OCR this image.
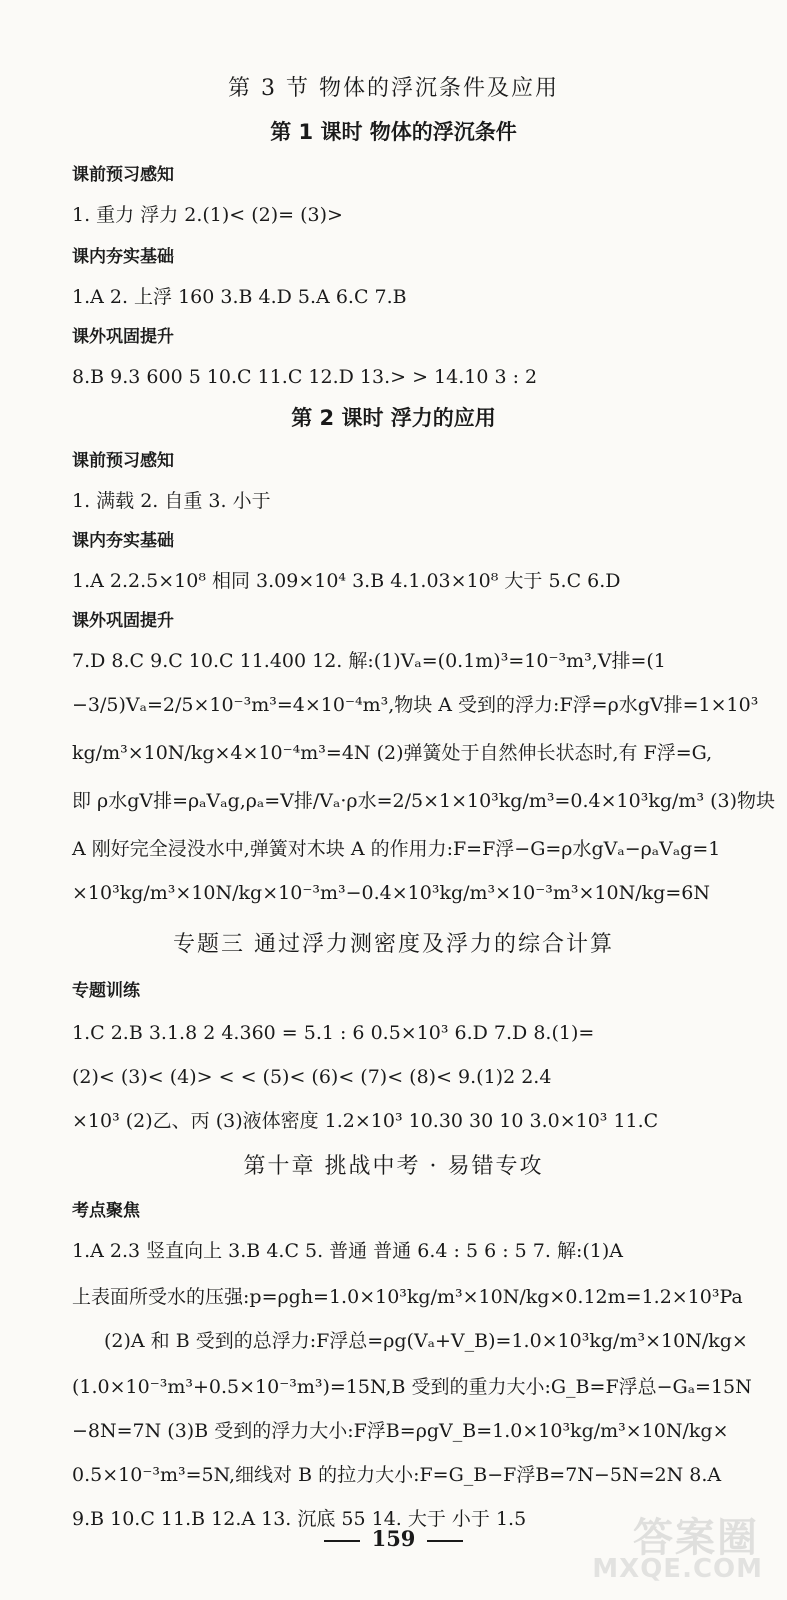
第 3 节 物体的浮沉条件及应用
第 1 课时 物体的浮沉条件
课前预习感知
1. 重力 浮力 2.(1)< (2)= (3)>
课内夯实基础
1.A 2. 上浮 160 3.B 4.D 5.A 6.C 7.B
课外巩固提升
8.B 9.3 600 5 10.C 11.C 12.D 13.> > 14.10 3 : 2
第 2 课时 浮力的应用
课前预习感知
1. 满载 2. 自重 3. 小于
课内夯实基础
1.A 2.2.5×10⁸ 相同 3.09×10⁴ 3.B 4.1.03×10⁸ 大于 5.C 6.D
课外巩固提升
7.D 8.C 9.C 10.C 11.400 12. 解:(1)Vₐ=(0.1m)³=10⁻³m³,V排=(1
−3/5)Vₐ=2/5×10⁻³m³=4×10⁻⁴m³,物块 A 受到的浮力:F浮=ρ水gV排=1×10³
kg/m³×10N/kg×4×10⁻⁴m³=4N (2)弹簧处于自然伸长状态时,有 F浮=G,
即 ρ水gV排=ρₐVₐg,ρₐ=V排/Vₐ·ρ水=2/5×1×10³kg/m³=0.4×10³kg/m³ (3)物块
A 刚好完全浸没水中,弹簧对木块 A 的作用力:F=F浮−G=ρ水gVₐ−ρₐVₐg=1
×10³kg/m³×10N/kg×10⁻³m³−0.4×10³kg/m³×10⁻³m³×10N/kg=6N
专题三 通过浮力测密度及浮力的综合计算
专题训练
1.C 2.B 3.1.8 2 4.360 = 5.1 : 6 0.5×10³ 6.D 7.D 8.(1)=
(2)< (3)< (4)> < < (5)< (6)< (7)< (8)< 9.(1)2 2.4
×10³ (2)乙、丙 (3)液体密度 1.2×10³ 10.30 30 10 3.0×10³ 11.C
第十章 挑战中考 · 易错专攻
考点聚焦
1.A 2.3 竖直向上 3.B 4.C 5. 普通 普通 6.4 : 5 6 : 5 7. 解:(1)A
上表面所受水的压强:p=ρgh=1.0×10³kg/m³×10N/kg×0.12m=1.2×10³Pa
(2)A 和 B 受到的总浮力:F浮总=ρg(Vₐ+V_B)=1.0×10³kg/m³×10N/kg×
(1.0×10⁻³m³+0.5×10⁻³m³)=15N,B 受到的重力大小:G_B=F浮总−Gₐ=15N
−8N=7N (3)B 受到的浮力大小:F浮B=ρgV_B=1.0×10³kg/m³×10N/kg×
0.5×10⁻³m³=5N,细线对 B 的拉力大小:F=G_B−F浮B=7N−5N=2N 8.A
9.B 10.C 11.B 12.A 13. 沉底 55 14. 大于 小于 1.5
159	答案圈
MXQE.COM
